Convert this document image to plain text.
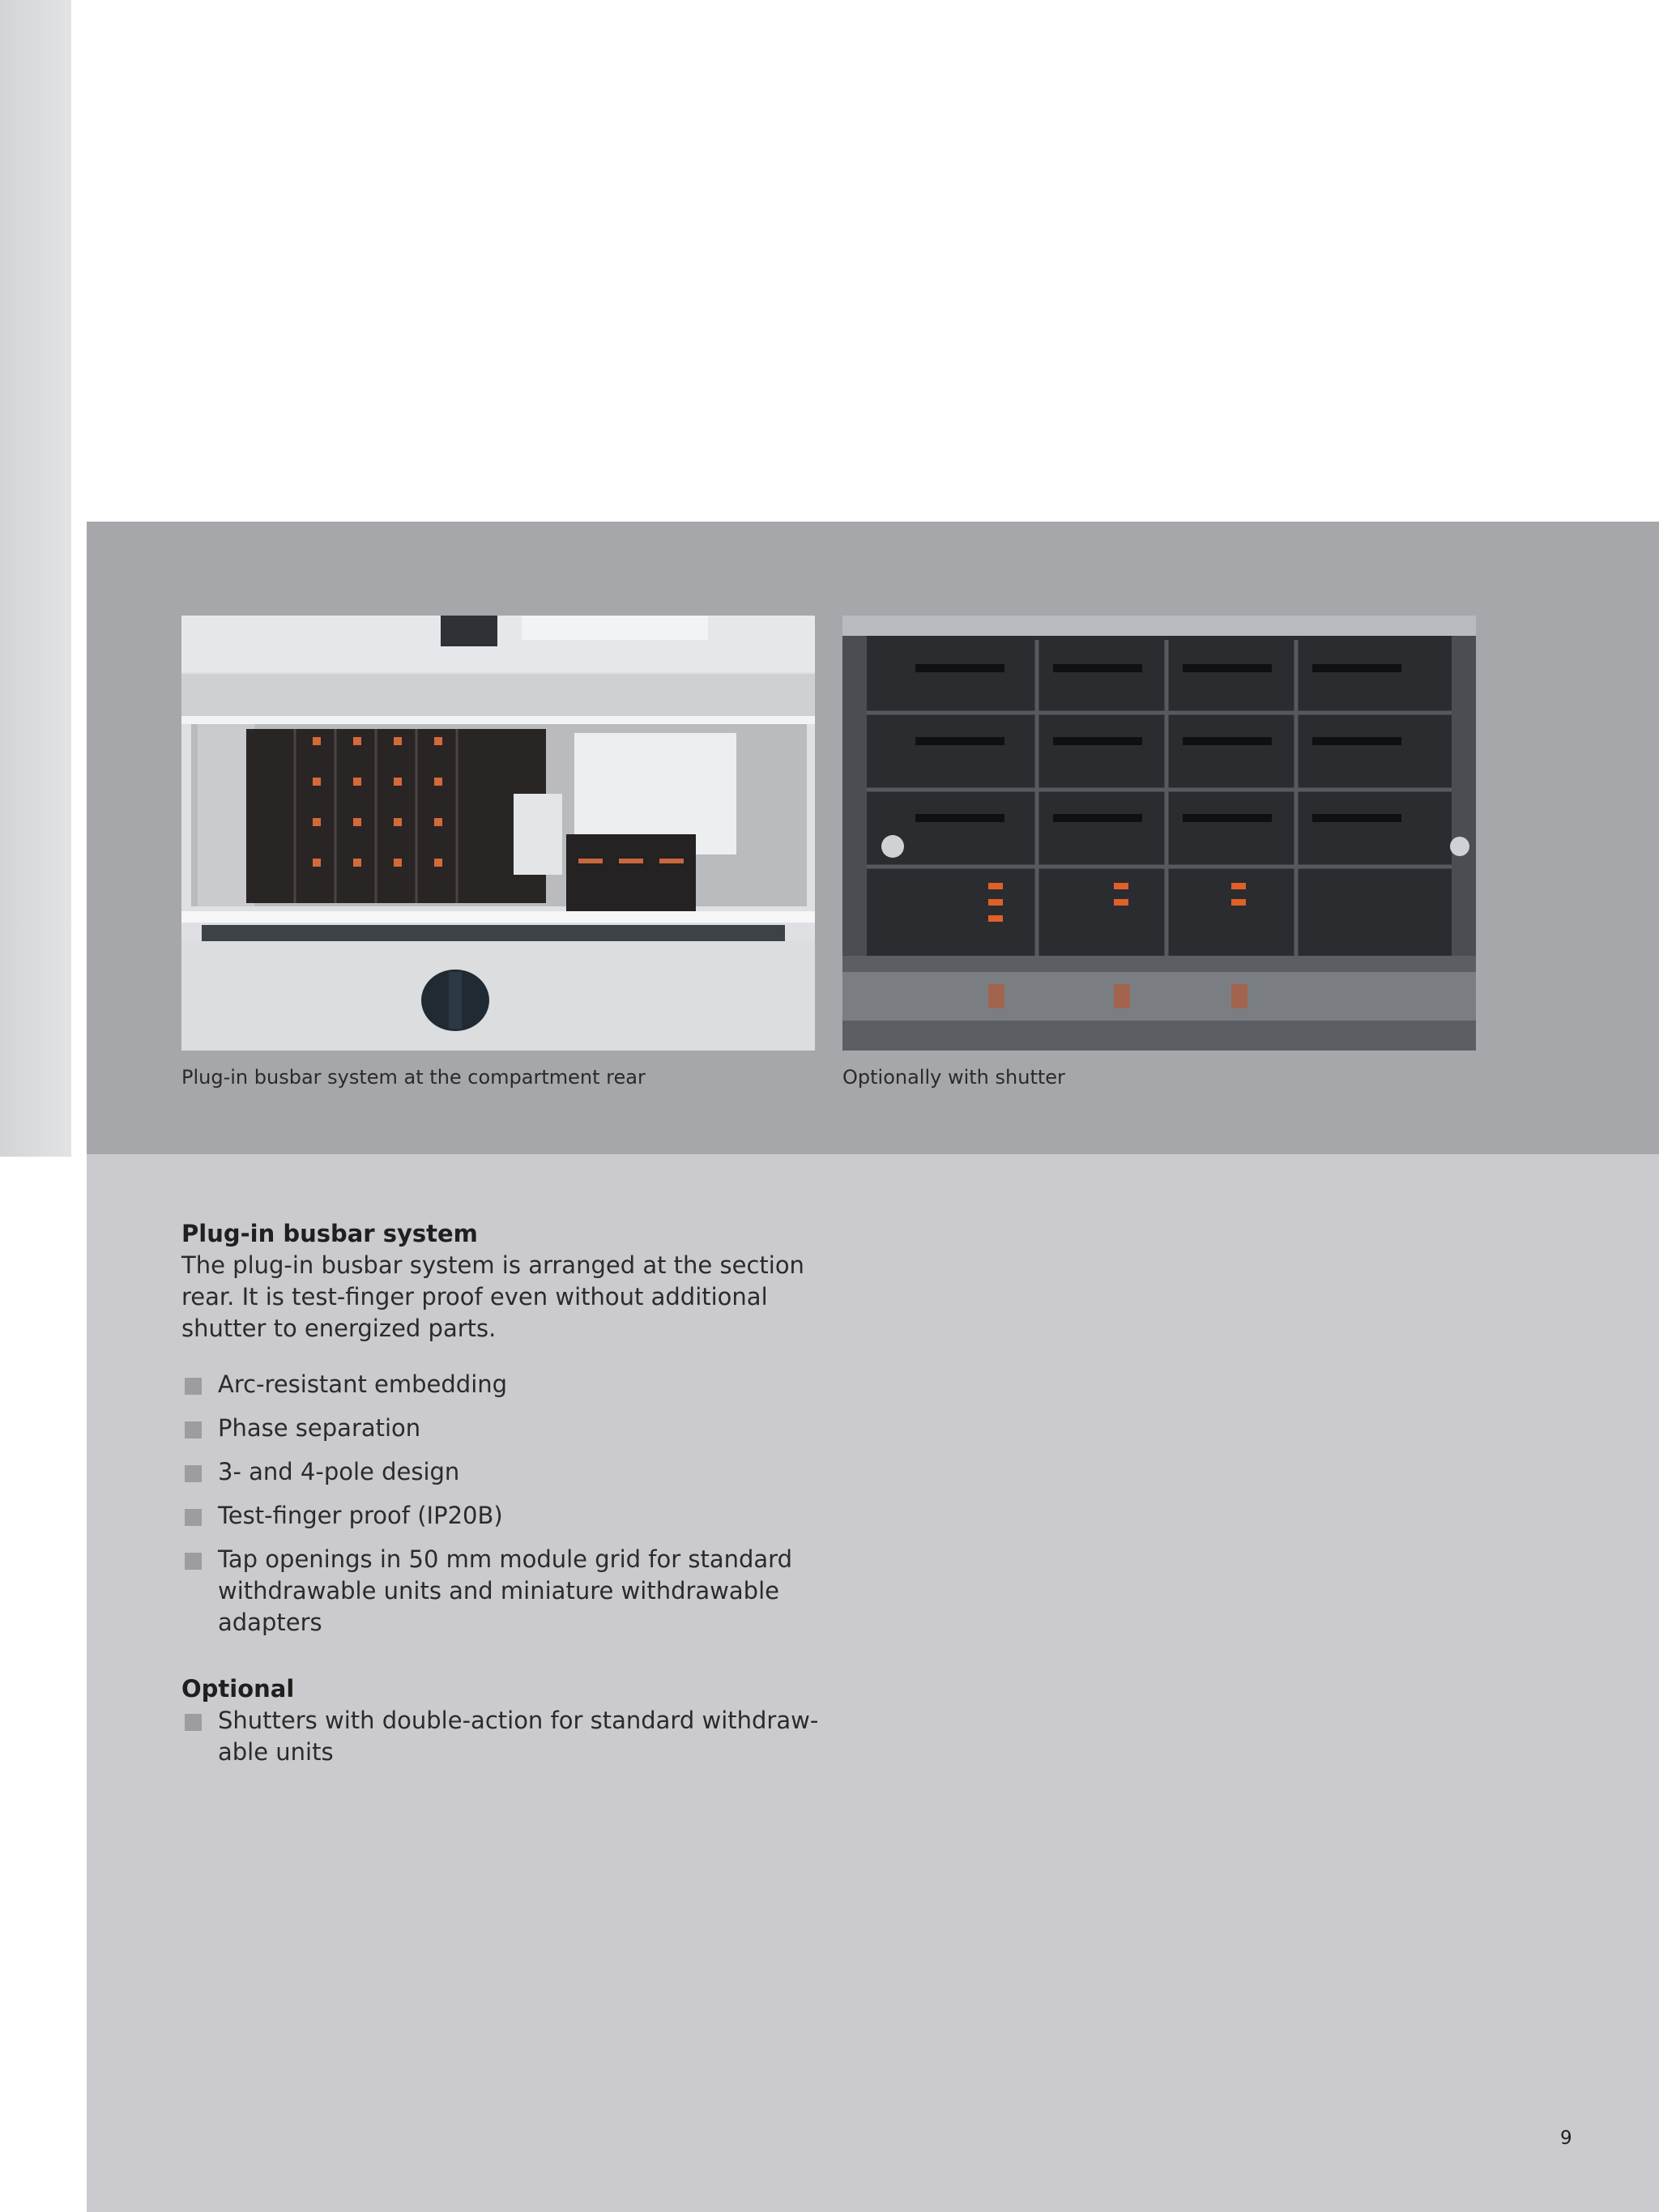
Plug-in busbar system at the compartment rear	Optionally with shutter
Plug-in busbar system
The plug-in busbar system is arranged at the section rear. It is test-finger proof even without additional shutter to energized parts.
Arc-resistant embedding
Phase separation
3- and 4-pole design
Test-finger proof (IP20B)
Tap openings in 50 mm module grid for standard withdrawable units and miniature withdrawable adapters
Optional
Shutters with double-action for standard withdraw-able units
9
